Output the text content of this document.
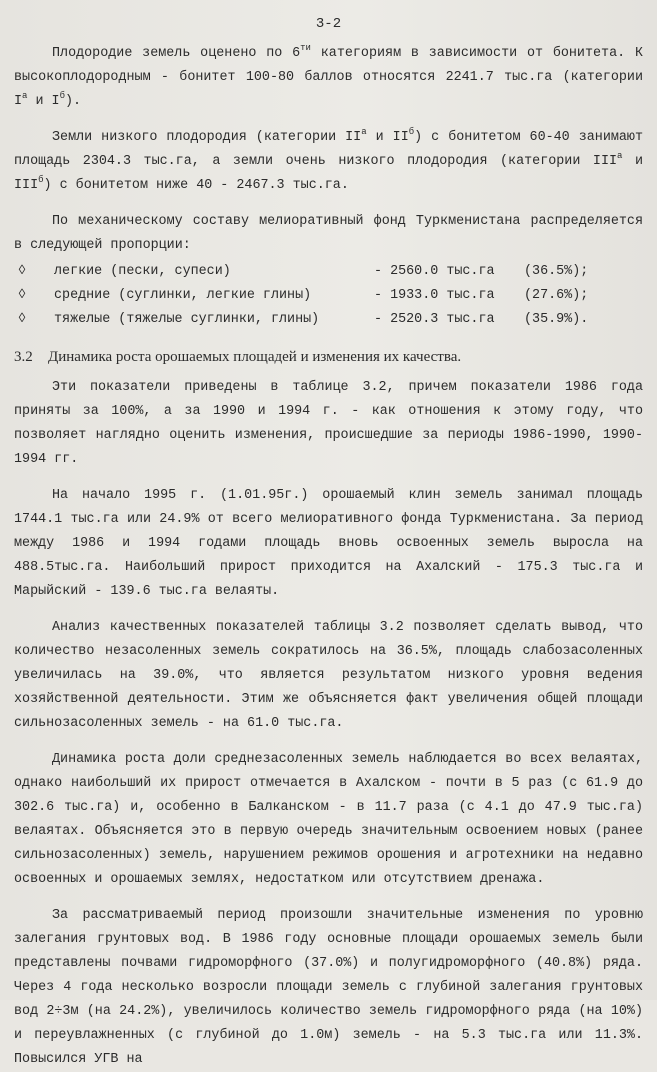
3-2

Плодородие земель оценено по $6^{ти}$ категориям в зависимости от бонитета. К высокоплодородным - бонитет 100-80 баллов относятся 2241.7 тыс.га (категории $I^а$ и $I^б$).

Земли низкого плодородия (категории $II^а$ и $II^б$) с бонитетом 60-40 занимают площадь 2304.3 тыс.га, а земли очень низкого плодородия (категории $III^а$ и $III^б$) с бонитетом ниже 40 - 2467.3 тыс.га.

По механическому составу мелиоративный фонд Туркменистана распределяется в следующей пропорции:

◊	легкие (пески, супеси)	- 2560.0 тыс.га	(36.5%);
◊	средние (суглинки, легкие глины)	- 1933.0 тыс.га	(27.6%);
◊	тяжелые (тяжелые суглинки, глины)	- 2520.3 тыс.га	(35.9%).
3.2 Динамика роста орошаемых площадей и изменения их качества.

Эти показатели приведены в таблице 3.2, причем показатели 1986 года приняты за 100%, а за 1990 и 1994 г. - как отношения к этому году, что позволяет наглядно оценить изменения, происшедшие за периоды 1986-1990, 1990-1994 гг.

На начало 1995 г. (1.01.95г.) орошаемый клин земель занимал площадь 1744.1 тыс.га или 24.9% от всего мелиоративного фонда Туркменистана. За период между 1986 и 1994 годами площадь вновь освоенных земель выросла на 488.5тыс.га. Наибольший прирост приходится на Ахалский - 175.3 тыс.га и Марыйский - 139.6 тыс.га велаяты.

Анализ качественных показателей таблицы 3.2 позволяет сделать вывод, что количество незасоленных земель сократилось на 36.5%, площадь слабозасоленных увеличилась на 39.0%, что является результатом низкого уровня ведения хозяйственной деятельности. Этим же объясняется факт увеличения общей площади сильнозасоленных земель - на 61.0 тыс.га.

Динамика роста доли среднезасоленных земель наблюдается во всех велаятах, однако наибольший их прирост отмечается в Ахалском - почти в 5 раз (с 61.9 до 302.6 тыс.га) и, особенно в Балканском - в 11.7 раза (с 4.1 до 47.9 тыс.га) велаятах. Объясняется это в первую очередь значительным освоением новых (ранее сильнозасоленных) земель, нарушением режимов орошения и агротехники на недавно освоенных и орошаемых землях, недостатком или отсутствием дренажа.

За рассматриваемый период произошли значительные изменения по уровню залегания грунтовых вод. В 1986 году основные площади орошаемых земель были представлены почвами гидроморфного (37.0%) и полугидроморфного (40.8%) ряда. Через 4 года несколько возросли площади земель с глубиной залегания грунтовых вод 2÷3м (на 24.2%), увеличилось количество земель гидроморфного ряда (на 10%) и переувлажненных (с глубиной до 1.0м) земель - на 5.3 тыс.га или 11.3%. Повысился УГВ на
